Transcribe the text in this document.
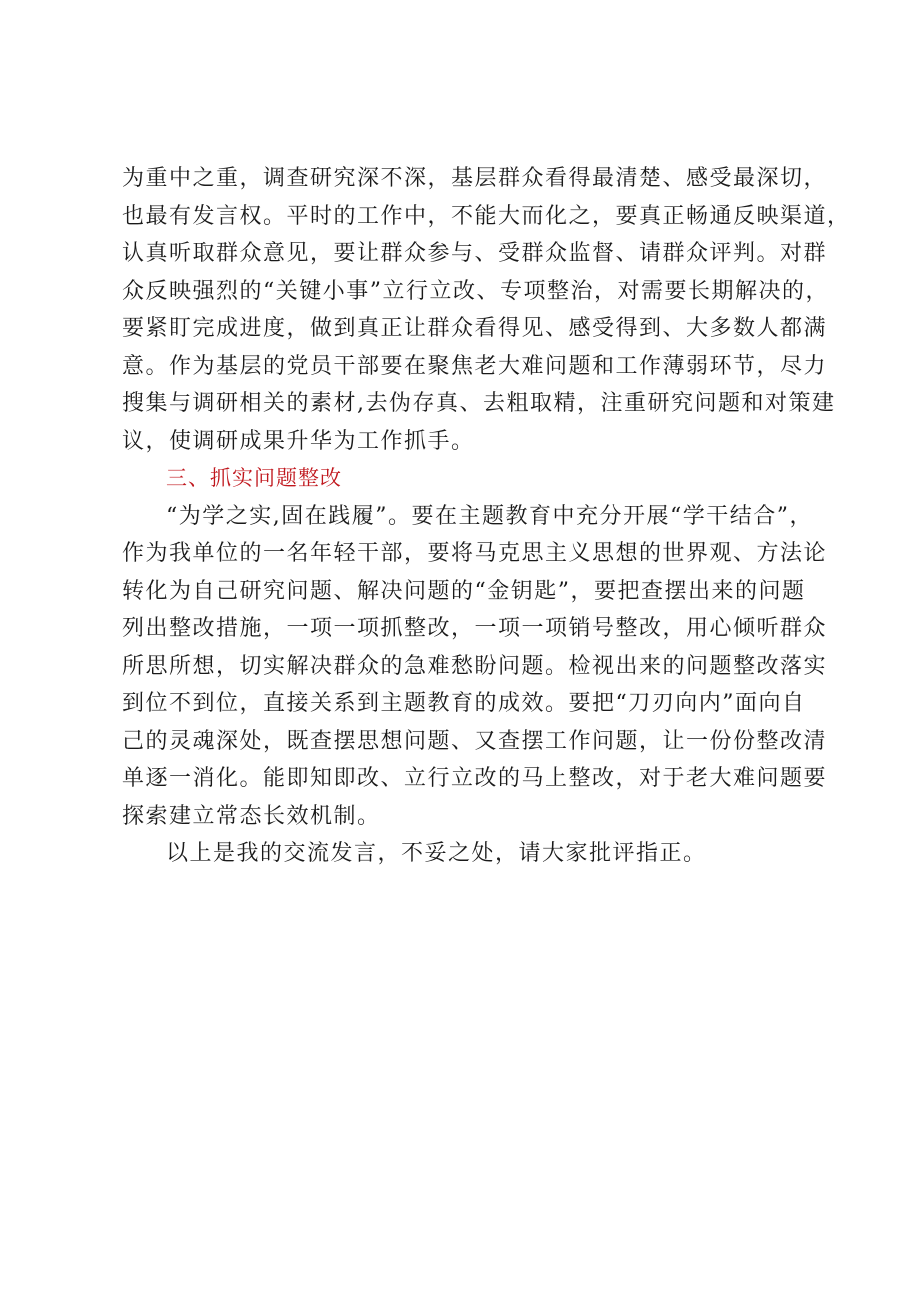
为重中之重，调查研究深不深，基层群众看得最清楚、感受最深切，
也最有发言权。平时的工作中，不能大而化之，要真正畅通反映渠道，
认真听取群众意见，要让群众参与、受群众监督、请群众评判。对群
众反映强烈的“关键小事”立行立改、专项整治，对需要长期解决的，
要紧盯完成进度，做到真正让群众看得见、感受得到、大多数人都满
意。作为基层的党员干部要在聚焦老大难问题和工作薄弱环节，尽力
搜集与调研相关的素材,去伪存真、去粗取精，注重研究问题和对策建
议，使调研成果升华为工作抓手。
三、抓实问题整改
“为学之实,固在践履”。要在主题教育中充分开展“学干结合”，
作为我单位的一名年轻干部，要将马克思主义思想的世界观、方法论
转化为自己研究问题、解决问题的“金钥匙”，要把查摆出来的问题
列出整改措施，一项一项抓整改，一项一项销号整改，用心倾听群众
所思所想，切实解决群众的急难愁盼问题。检视出来的问题整改落实
到位不到位，直接关系到主题教育的成效。要把“刀刃向内”面向自
己的灵魂深处，既查摆思想问题、又查摆工作问题，让一份份整改清
单逐一消化。能即知即改、立行立改的马上整改，对于老大难问题要
探索建立常态长效机制。
以上是我的交流发言，不妥之处，请大家批评指正。
